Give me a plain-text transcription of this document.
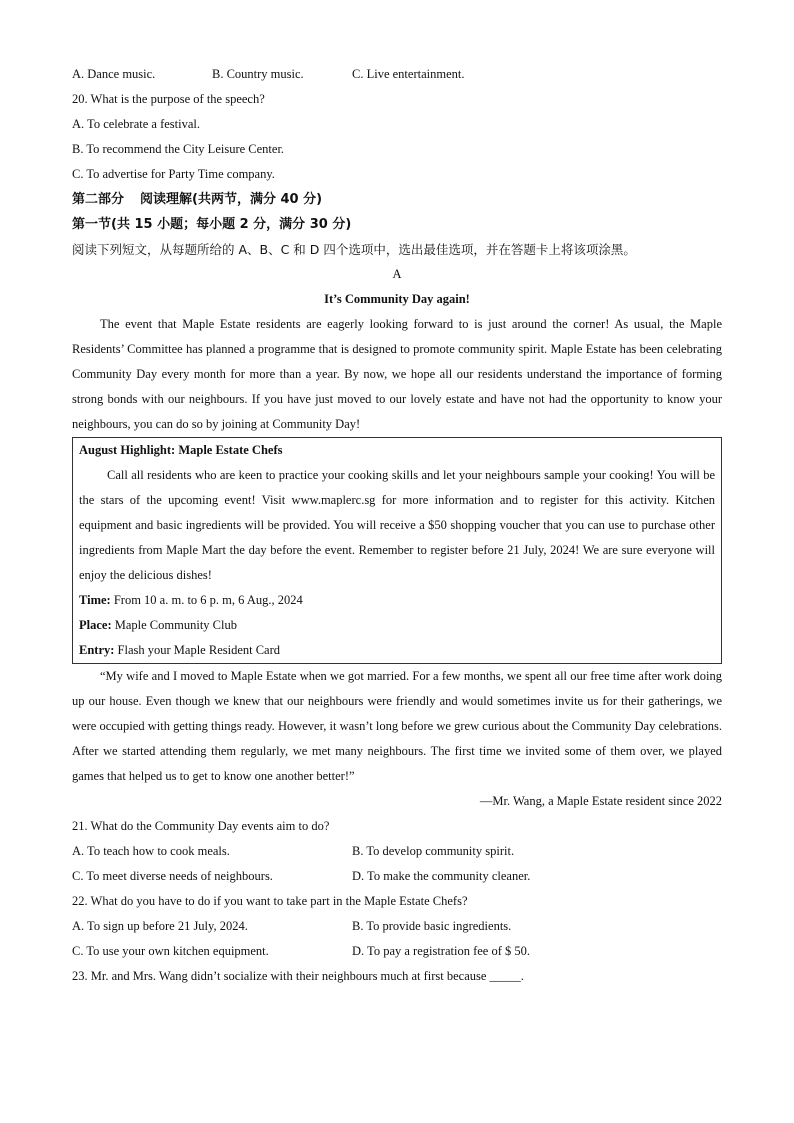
A. Dance music.	B. Country music.	C. Live entertainment.
20. What is the purpose of the speech?
A. To celebrate a festival.
B. To recommend the City Leisure Center.
C. To advertise for Party Time company.
第二部分 阅读理解(共两节，满分 40 分)
第一节(共 15 小题；每小题 2 分，满分 30 分)
阅读下列短文，从每题所给的 A、B、C 和 D 四个选项中，选出最佳选项，并在答题卡上将该项涂黑。
A
It’s Community Day again!
The event that Maple Estate residents are eagerly looking forward to is just around the corner! As usual, the Maple Residents’ Committee has planned a programme that is designed to promote community spirit. Maple Estate has been celebrating Community Day every month for more than a year. By now, we hope all our residents understand the importance of forming strong bonds with our neighbours. If you have just moved to our lovely estate and have not had the opportunity to know your neighbours, you can do so by joining at Community Day!
August Highlight: Maple Estate Chefs
Call all residents who are keen to practice your cooking skills and let your neighbours sample your cooking! You will be the stars of the upcoming event! Visit www.maplerc.sg for more information and to register for this activity. Kitchen equipment and basic ingredients will be provided. You will receive a $50 shopping voucher that you can use to purchase other ingredients from Maple Mart the day before the event. Remember to register before 21 July, 2024! We are sure everyone will enjoy the delicious dishes!
Time: From 10 a. m. to 6 p. m, 6 Aug., 2024
Place: Maple Community Club
Entry: Flash your Maple Resident Card
“My wife and I moved to Maple Estate when we got married. For a few months, we spent all our free time after work doing up our house. Even though we knew that our neighbours were friendly and would sometimes invite us for their gatherings, we were occupied with getting things ready. However, it wasn’t long before we grew curious about the Community Day celebrations. After we started attending them regularly, we met many neighbours. The first time we invited some of them over, we played games that helped us to get to know one another better!”
—Mr. Wang, a Maple Estate resident since 2022
21. What do the Community Day events aim to do?
A. To teach how to cook meals.	B. To develop community spirit.
C. To meet diverse needs of neighbours.	D. To make the community cleaner.
22. What do you have to do if you want to take part in the Maple Estate Chefs?
A. To sign up before 21 July, 2024.	B. To provide basic ingredients.
C. To use your own kitchen equipment.	D. To pay a registration fee of $ 50.
23. Mr. and Mrs. Wang didn’t socialize with their neighbours much at first because _____.
